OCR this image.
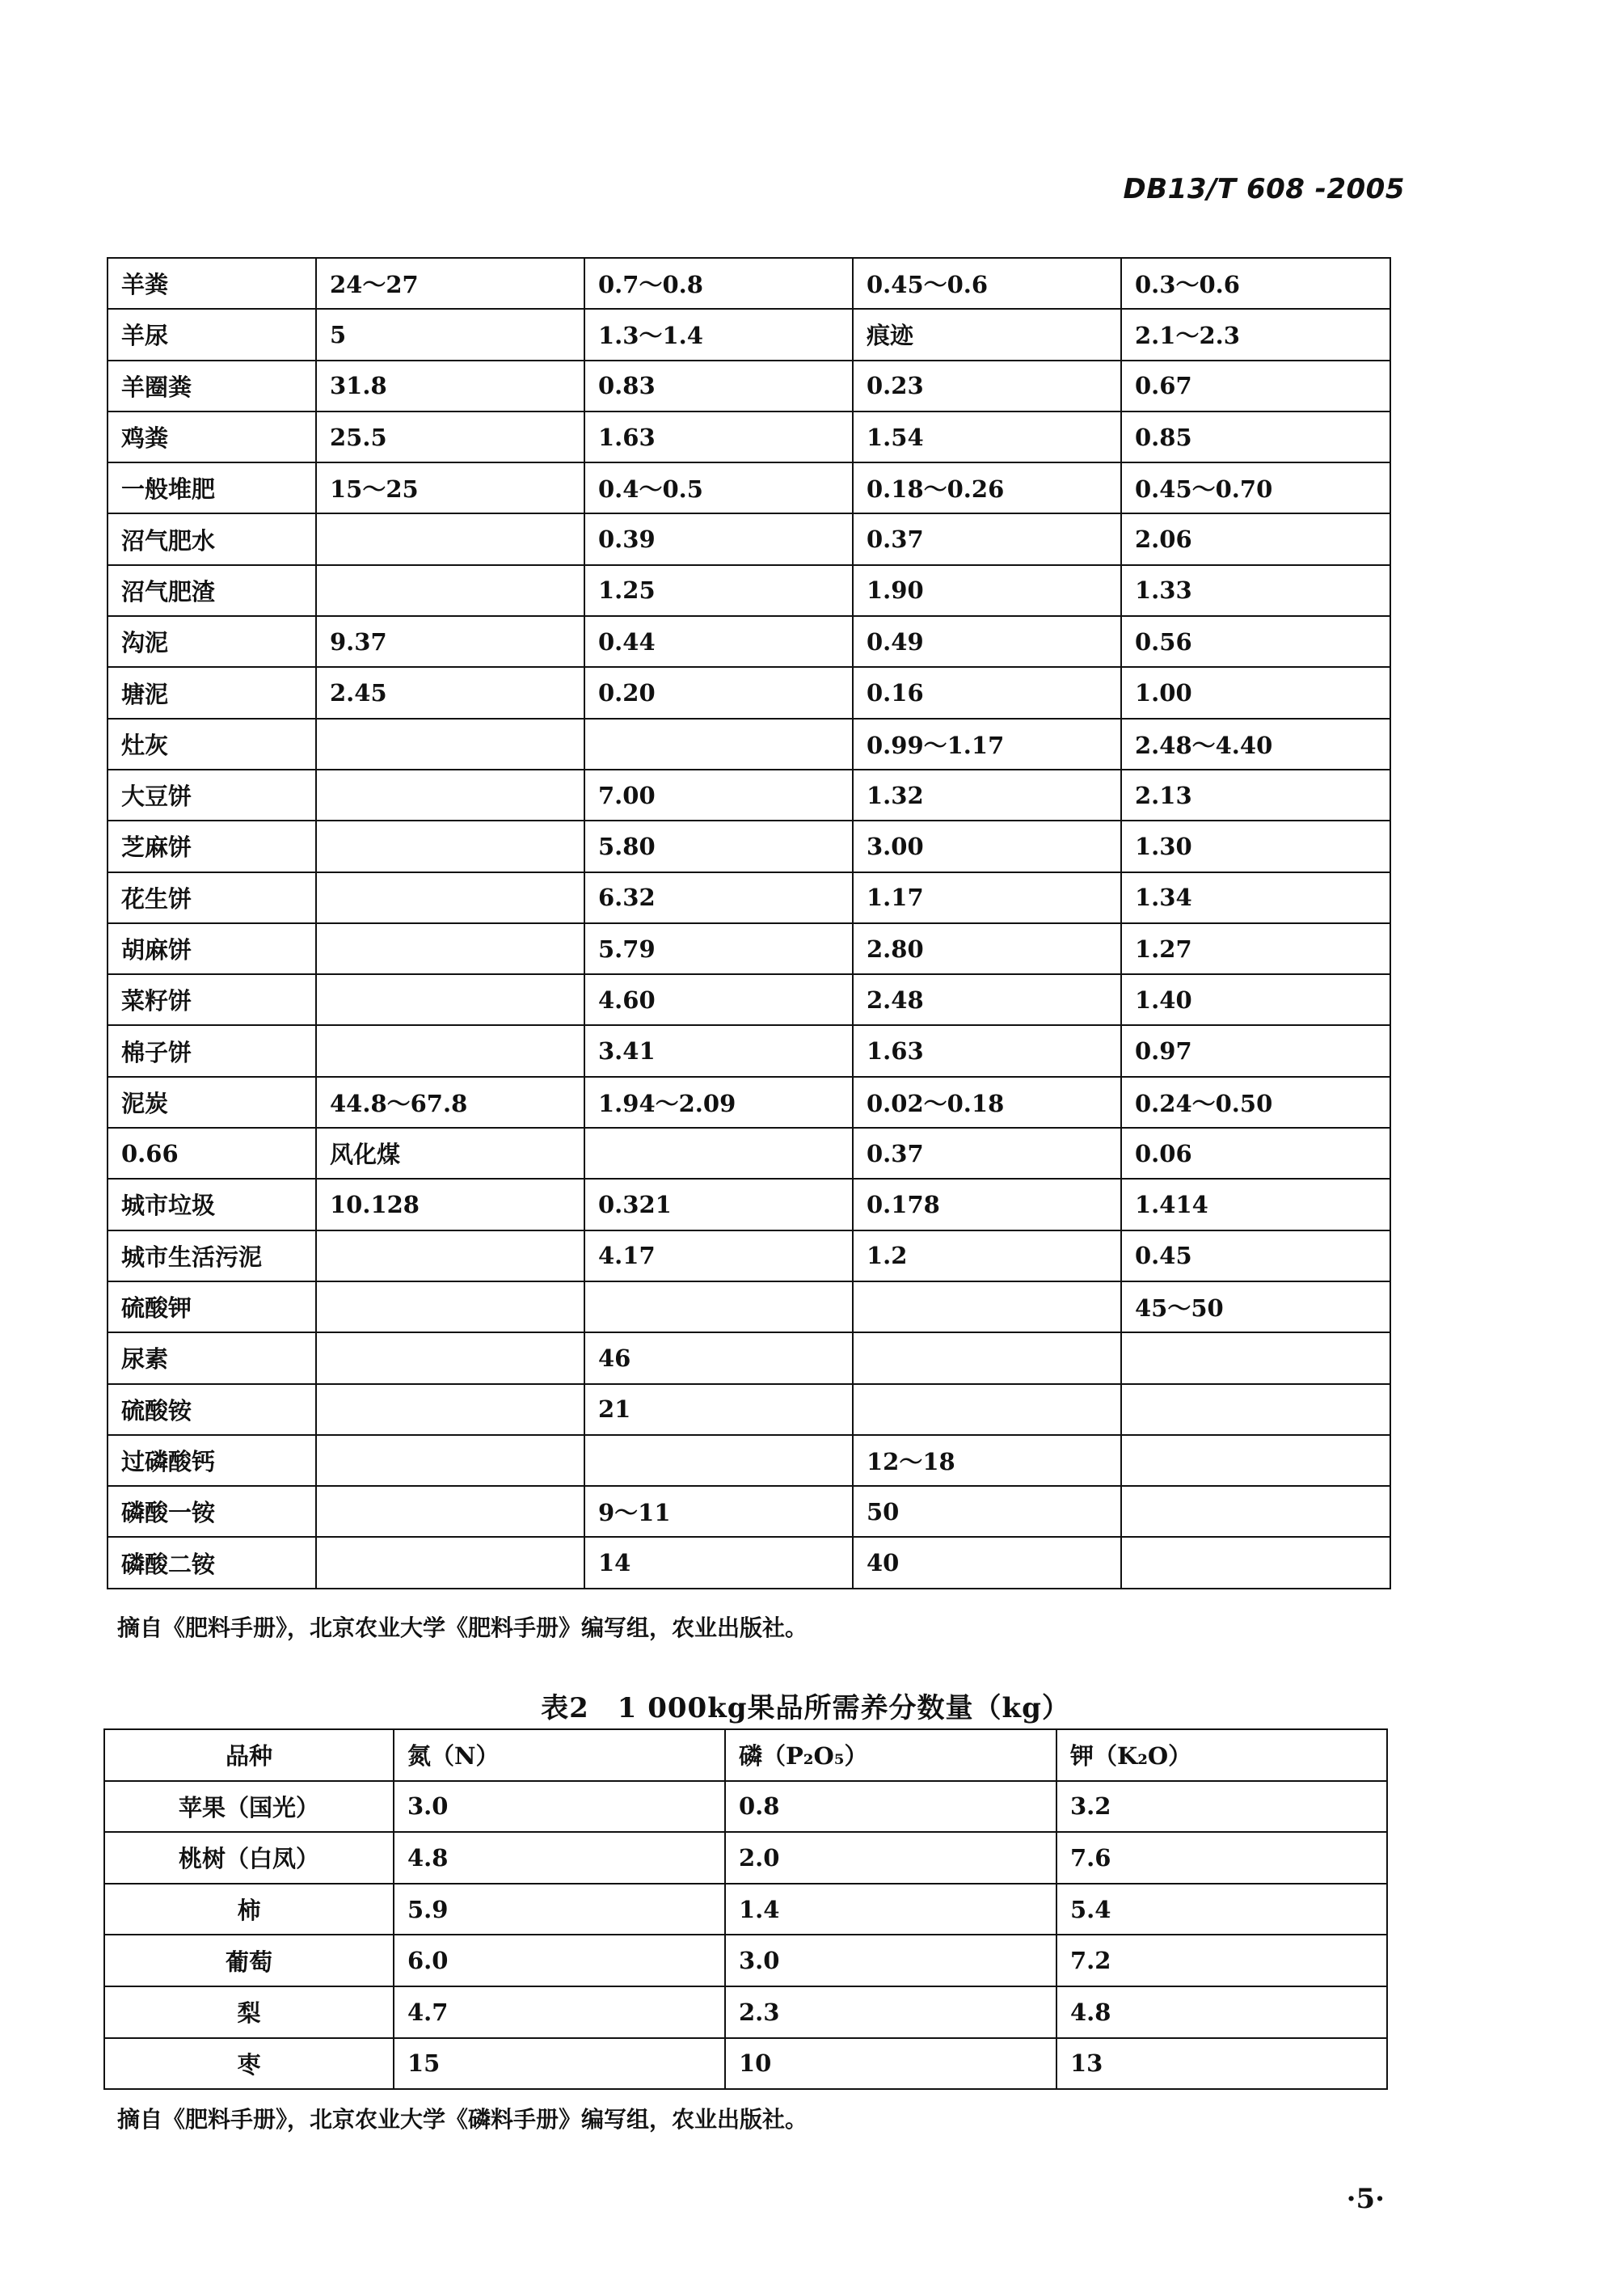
DB13/T 608 -2005
羊粪	24～27	0.7～0.8	0.45～0.6	0.3～0.6
羊尿	5	1.3～1.4	痕迹	2.1～2.3
羊圈粪	31.8	0.83	0.23	0.67
鸡粪	25.5	1.63	1.54	0.85
一般堆肥	15～25	0.4～0.5	0.18～0.26	0.45～0.70
沼气肥水		0.39	0.37	2.06
沼气肥渣		1.25	1.90	1.33
沟泥	9.37	0.44	0.49	0.56
塘泥	2.45	0.20	0.16	1.00
灶灰			0.99～1.17	2.48～4.40
大豆饼		7.00	1.32	2.13
芝麻饼		5.80	3.00	1.30
花生饼		6.32	1.17	1.34
胡麻饼		5.79	2.80	1.27
菜籽饼		4.60	2.48	1.40
棉子饼		3.41	1.63	0.97
泥炭	44.8～67.8	1.94～2.09	0.02～0.18	0.24～0.50
0.66	风化煤		0.37	0.06
城市垃圾	10.128	0.321	0.178	1.414
城市生活污泥		4.17	1.2	0.45
硫酸钾				45～50
尿素		46		
硫酸铵		21		
过磷酸钙			12～18	
磷酸一铵		9～11	50	
磷酸二铵		14	40	
摘自《肥料手册》，北京农业大学《肥料手册》编写组，农业出版社。
表2　1 000kg果品所需养分数量（kg）
品种	氮（N）	磷（P₂O₅）	钾（K₂O）
苹果（国光）	3.0	0.8	3.2
桃树（白凤）	4.8	2.0	7.6
柿	5.9	1.4	5.4
葡萄	6.0	3.0	7.2
梨	4.7	2.3	4.8
枣	15	10	13
摘自《肥料手册》，北京农业大学《磷料手册》编写组，农业出版社。
·5·
